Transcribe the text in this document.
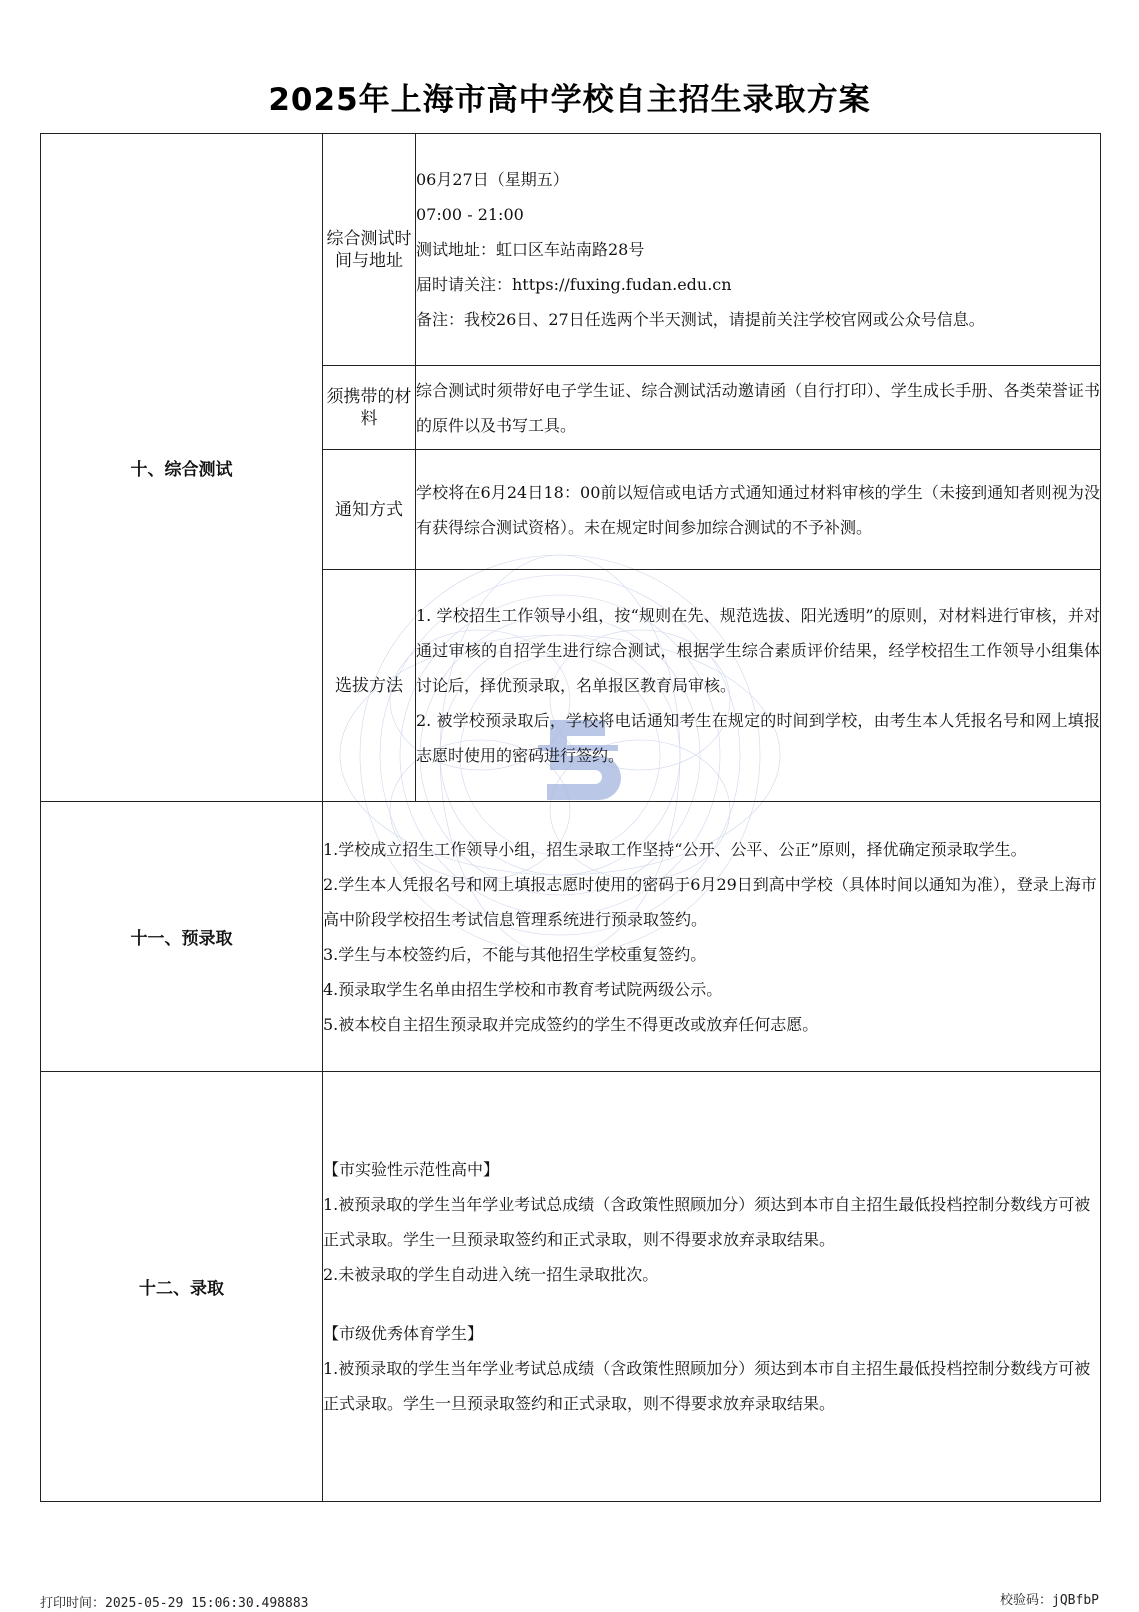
2025年上海市高中学校自主招生录取方案
十、综合测试	综合测试时间与地址	06月27日（星期五）

07:00 - 21:00

测试地址：虹口区车站南路28号

届时请关注：https://fuxing.fudan.edu.cn

备注：我校26日、27日任选两个半天测试，请提前关注学校官网或公众号信息。

	须携带的材料	综合测试时须带好电子学生证、综合测试活动邀请函（自行打印）、学生成长手册、各类荣誉证书的原件以及书写工具。
	通知方式	学校将在6月24日18：00前以短信或电话方式通知通过材料审核的学生（未接到通知者则视为没有获得综合测试资格）。未在规定时间参加综合测试的不予补测。
	选拔方法	1. 学校招生工作领导小组，按“规则在先、规范选拔、阳光透明”的原则，对材料进行审核，并对通过审核的自招学生进行综合测试，根据学生综合素质评价结果，经学校招生工作领导小组集体讨论后，择优预录取，名单报区教育局审核。

2. 被学校预录取后，学校将电话通知考生在规定的时间到学校，由考生本人凭报名号和网上填报志愿时使用的密码进行签约。

十一、预录取	1.学校成立招生工作领导小组，招生录取工作坚持“公开、公平、公正”原则，择优确定预录取学生。

2.学生本人凭报名号和网上填报志愿时使用的密码于6月29日到高中学校（具体时间以通知为准），登录上海市高中阶段学校招生考试信息管理系统进行预录取签约。

3.学生与本校签约后，不能与其他招生学校重复签约。

4.预录取学生名单由招生学校和市教育考试院两级公示。

5.被本校自主招生预录取并完成签约的学生不得更改或放弃任何志愿。	

十二、录取	【市实验性示范性高中】

1.被预录取的学生当年学业考试总成绩（含政策性照顾加分）须达到本市自主招生最低投档控制分数线方可被正式录取。学生一旦预录取签约和正式录取，则不得要求放弃录取结果。

2.未被录取的学生自动进入统一招生录取批次。

【市级优秀体育学生】

1.被预录取的学生当年学业考试总成绩（含政策性照顾加分）须达到本市自主招生最低投档控制分数线方可被正式录取。学生一旦预录取签约和正式录取，则不得要求放弃录取结果。	

打印时间：2025-05-29 15:06:30.498883	校验码：jQBfbP
